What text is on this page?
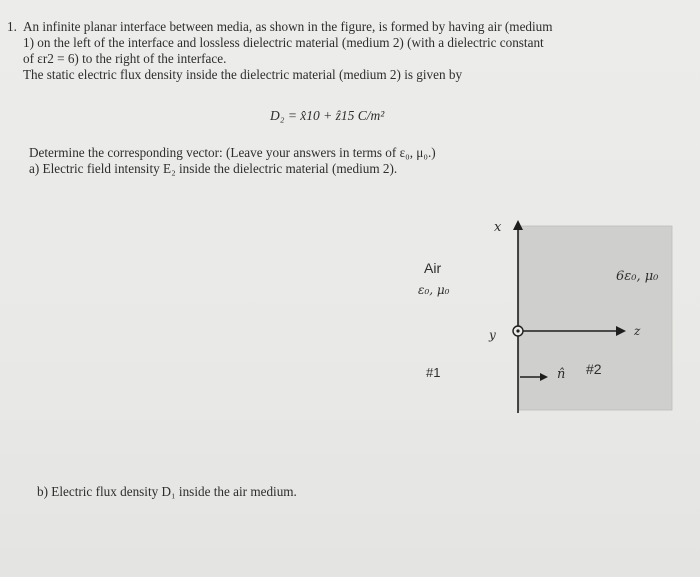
1. An infinite planar interface between media, as shown in the figure, is formed by having air (medium
1) on the left of the interface and lossless dielectric material (medium 2) (with a dielectric constant
of εr2 = 6) to the right of the interface.
The static electric flux density inside the dielectric material (medium 2) is given by
D₂ = x̂10 + ẑ15 C/m²
Determine the corresponding vector: (Leave your answers in terms of ε₀, μ₀.)
a) Electric field intensity E₂ inside the dielectric material (medium 2).
b) Electric flux density D₁ inside the air medium.
x
y	z
Air
ε₀, μ₀
#1
6ε₀, μ₀
#2
n̂
